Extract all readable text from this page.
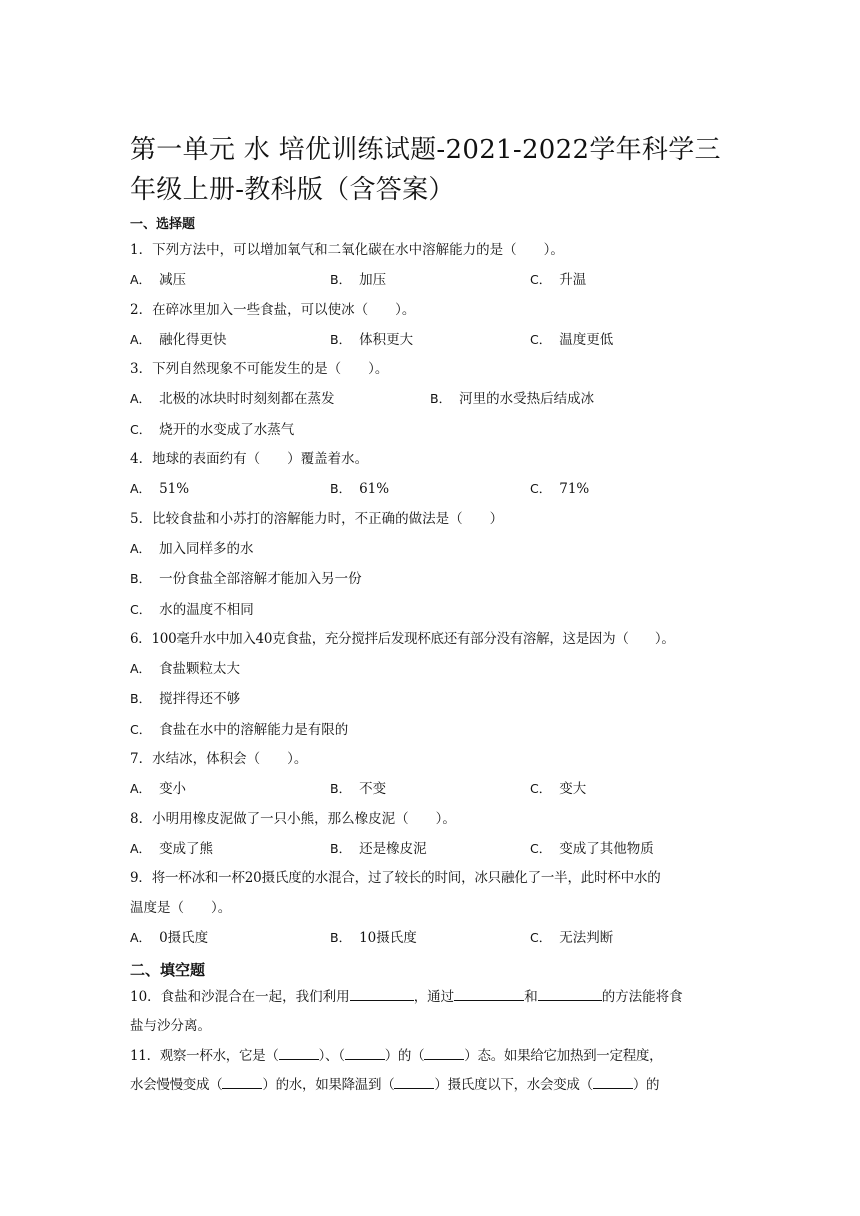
第一单元 水 培优训练试题-2021-2022学年科学三年级上册-教科版（含答案）
一、选择题
1．下列方法中，可以增加氧气和二氧化碳在水中溶解能力的是（　　）。
A． 减压	B． 加压	C． 升温
2．在碎冰里加入一些食盐，可以使冰（　　）。
A． 融化得更快	B． 体积更大	C． 温度更低
3．下列自然现象不可能发生的是（　　）。
A． 北极的冰块时时刻刻都在蒸发	B． 河里的水受热后结成冰
C． 烧开的水变成了水蒸气
4．地球的表面约有（　　）覆盖着水。
A． 51%	B． 61%	C． 71%
5．比较食盐和小苏打的溶解能力时，不正确的做法是（　　）
A． 加入同样多的水
B． 一份食盐全部溶解才能加入另一份
C． 水的温度不相同
6．100毫升水中加入40克食盐，充分搅拌后发现杯底还有部分没有溶解，这是因为（　　）。
A． 食盐颗粒太大
B． 搅拌得还不够
C． 食盐在水中的溶解能力是有限的
7．水结冰，体积会（　　）。
A． 变小	B． 不变	C． 变大
8．小明用橡皮泥做了一只小熊，那么橡皮泥（　　）。
A． 变成了熊	B． 还是橡皮泥	C． 变成了其他物质
9．将一杯冰和一杯20摄氏度的水混合，过了较长的时间，冰只融化了一半，此时杯中水的
温度是（　　）。
A． 0摄氏度	B． 10摄氏度	C． 无法判断
二、填空题
10．食盐和沙混合在一起，我们利用	，通过	和	的方法能将食
盐与沙分离。
11．观察一杯水，它是（	）、（	）的（	）态。如果给它加热到一定程度，
水会慢慢变成（	）的水，如果降温到（	）摄氏度以下，水会变成（	）的
